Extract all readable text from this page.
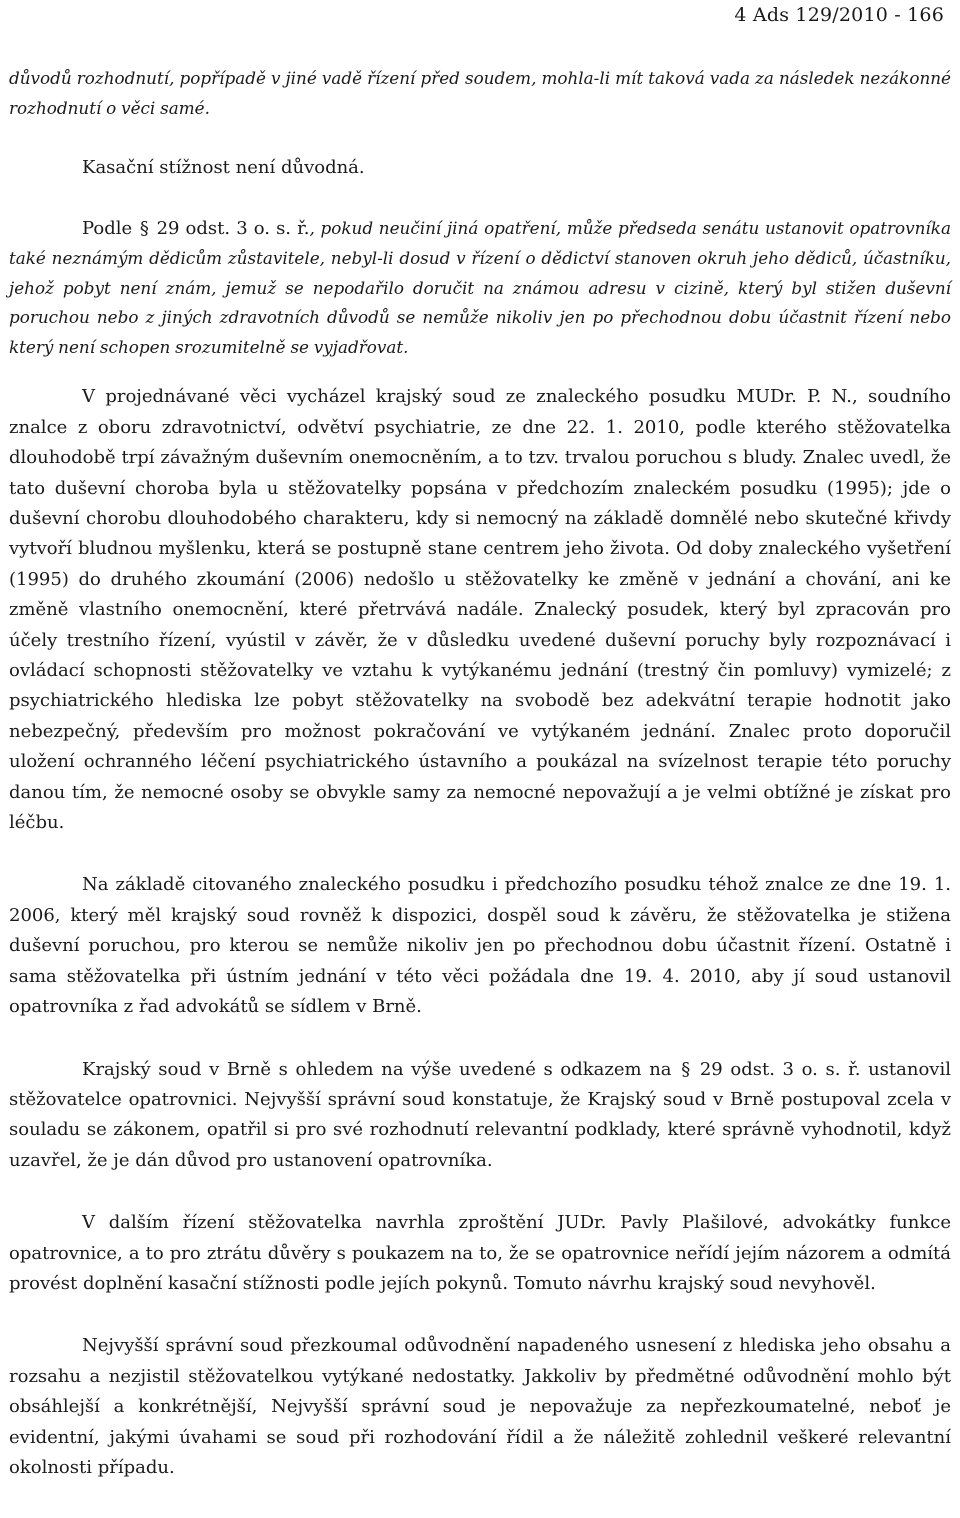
4 Ads 129/2010 - 166

důvodů rozhodnutí, popřípadě v jiné vadě řízení před soudem, mohla-li mít taková vada za následek nezákonné rozhodnutí o věci samé.

Kasační stížnost není důvodná.

Podle § 29 odst. 3 o. s. ř., pokud neučiní jiná opatření, může předseda senátu ustanovit opatrovníka také neznámým dědicům zůstavitele, nebyl-li dosud v řízení o dědictví stanoven okruh jeho dědiců, účastníku, jehož pobyt není znám, jemuž se nepodařilo doručit na známou adresu v cizině, který byl stižen duševní poruchou nebo z jiných zdravotních důvodů se nemůže nikoliv jen po přechodnou dobu účastnit řízení nebo který není schopen srozumitelně se vyjadřovat.

V projednávané věci vycházel krajský soud ze znaleckého posudku MUDr. P. N., soudního znalce z oboru zdravotnictví, odvětví psychiatrie, ze dne 22. 1. 2010, podle kterého stěžovatelka dlouhodobě trpí závažným duševním onemocněním, a to tzv. trvalou poruchou s bludy. Znalec uvedl, že tato duševní choroba byla u stěžovatelky popsána v předchozím znaleckém posudku (1995); jde o duševní chorobu dlouhodobého charakteru, kdy si nemocný na základě domnělé nebo skutečné křivdy vytvoří bludnou myšlenku, která se postupně stane centrem jeho života. Od doby znaleckého vyšetření (1995) do druhého zkoumání (2006) nedošlo u stěžovatelky ke změně v jednání a chování, ani ke změně vlastního onemocnění, které přetrvává nadále. Znalecký posudek, který byl zpracován pro účely trestního řízení, vyústil v závěr, že v důsledku uvedené duševní poruchy byly rozpoznávací i ovládací schopnosti stěžovatelky ve vztahu k vytýkanému jednání (trestný čin pomluvy) vymizelé; z psychiatrického hlediska lze pobyt stěžovatelky na svobodě bez adekvátní terapie hodnotit jako nebezpečný, především pro možnost pokračování ve vytýkaném jednání. Znalec proto doporučil uložení ochranného léčení psychiatrického ústavního a poukázal na svízelnost terapie této poruchy danou tím, že nemocné osoby se obvykle samy za nemocné nepovažují a je velmi obtížné je získat pro léčbu.

Na základě citovaného znaleckého posudku i předchozího posudku téhož znalce ze dne 19. 1. 2006, který měl krajský soud rovněž k dispozici, dospěl soud k závěru, že stěžovatelka je stižena duševní poruchou, pro kterou se nemůže nikoliv jen po přechodnou dobu účastnit řízení. Ostatně i sama stěžovatelka při ústním jednání v této věci požádala dne 19. 4. 2010, aby jí soud ustanovil opatrovníka z řad advokátů se sídlem v Brně.

Krajský soud v Brně s ohledem na výše uvedené s odkazem na § 29 odst. 3 o. s. ř. ustanovil stěžovatelce opatrovnici. Nejvyšší správní soud konstatuje, že Krajský soud v Brně postupoval zcela v souladu se zákonem, opatřil si pro své rozhodnutí relevantní podklady, které správně vyhodnotil, když uzavřel, že je dán důvod pro ustanovení opatrovníka.

V dalším řízení stěžovatelka navrhla zproštění JUDr. Pavly Plašilové, advokátky funkce opatrovnice, a to pro ztrátu důvěry s poukazem na to, že se opatrovnice neřídí jejím názorem a odmítá provést doplnění kasační stížnosti podle jejích pokynů. Tomuto návrhu krajský soud nevyhověl.

Nejvyšší správní soud přezkoumal odůvodnění napadeného usnesení z hlediska jeho obsahu a rozsahu a nezjistil stěžovatelkou vytýkané nedostatky. Jakkoliv by předmětné odůvodnění mohlo být obsáhlejší a konkrétnější, Nejvyšší správní soud je nepovažuje za nepřezkoumatelné, neboť je evidentní, jakými úvahami se soud při rozhodování řídil a že náležitě zohlednil veškeré relevantní okolnosti případu.
